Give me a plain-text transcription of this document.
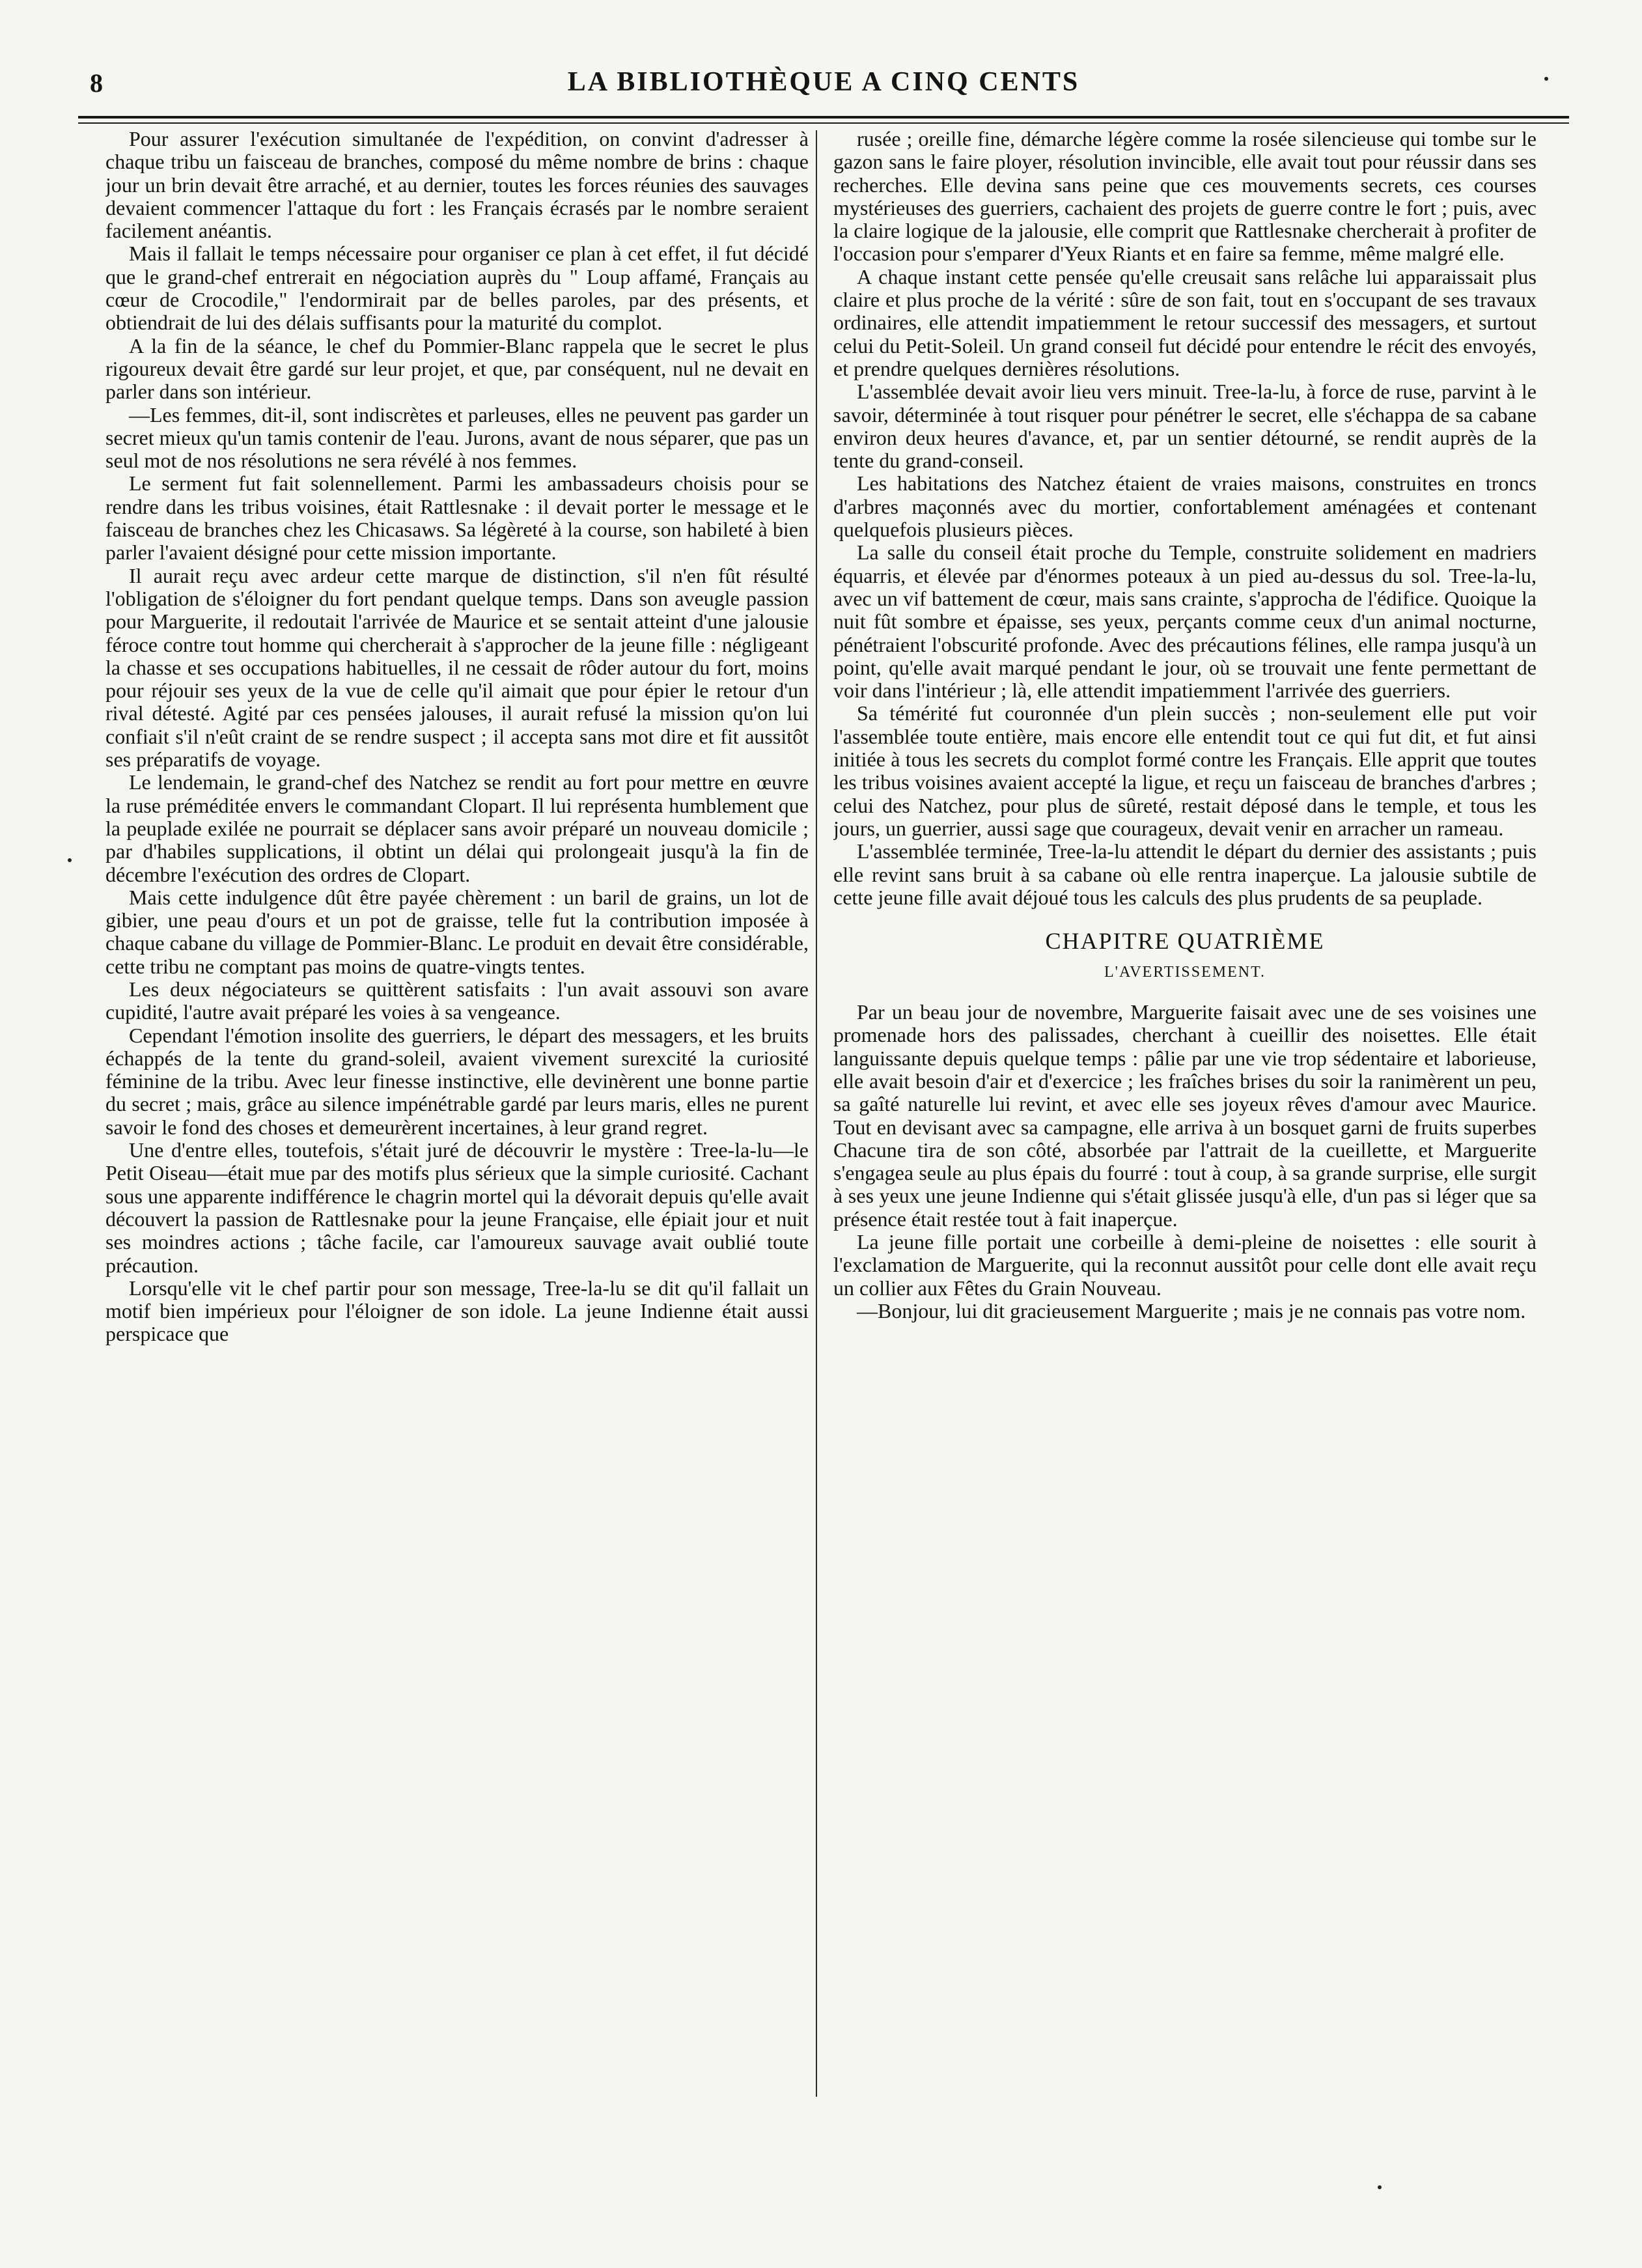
8	LA BIBLIOTHÈQUE A CINQ CENTS

Pour assurer l'exécution simultanée de l'expédition, on convint d'adresser à chaque tribu un faisceau de branches, composé du même nombre de brins : chaque jour un brin devait être arraché, et au dernier, toutes les forces réunies des sauvages devaient commencer l'attaque du fort : les Français écrasés par le nombre seraient facilement anéantis.

Mais il fallait le temps nécessaire pour organiser ce plan à cet effet, il fut décidé que le grand-chef entrerait en négociation auprès du " Loup affamé, Français au cœur de Crocodile," l'endormirait par de belles paroles, par des présents, et obtiendrait de lui des délais suffisants pour la maturité du complot.

A la fin de la séance, le chef du Pommier-Blanc rappela que le secret le plus rigoureux devait être gardé sur leur projet, et que, par conséquent, nul ne devait en parler dans son intérieur.

—Les femmes, dit-il, sont indiscrètes et parleuses, elles ne peuvent pas garder un secret mieux qu'un tamis contenir de l'eau. Jurons, avant de nous séparer, que pas un seul mot de nos résolutions ne sera révélé à nos femmes.

Le serment fut fait solennellement. Parmi les ambassadeurs choisis pour se rendre dans les tribus voisines, était Rattlesnake : il devait porter le message et le faisceau de branches chez les Chicasaws. Sa légèreté à la course, son habileté à bien parler l'avaient désigné pour cette mission importante.

Il aurait reçu avec ardeur cette marque de distinction, s'il n'en fût résulté l'obligation de s'éloigner du fort pendant quelque temps. Dans son aveugle passion pour Marguerite, il redoutait l'arrivée de Maurice et se sentait atteint d'une jalousie féroce contre tout homme qui chercherait à s'approcher de la jeune fille : négligeant la chasse et ses occupations habituelles, il ne cessait de rôder autour du fort, moins pour réjouir ses yeux de la vue de celle qu'il aimait que pour épier le retour d'un rival détesté. Agité par ces pensées jalouses, il aurait refusé la mission qu'on lui confiait s'il n'eût craint de se rendre suspect ; il accepta sans mot dire et fit aussitôt ses préparatifs de voyage.

Le lendemain, le grand-chef des Natchez se rendit au fort pour mettre en œuvre la ruse préméditée envers le commandant Clopart. Il lui représenta humblement que la peuplade exilée ne pourrait se déplacer sans avoir préparé un nouveau domicile ; par d'habiles supplications, il obtint un délai qui prolongeait jusqu'à la fin de décembre l'exécution des ordres de Clopart.

Mais cette indulgence dût être payée chèrement : un baril de grains, un lot de gibier, une peau d'ours et un pot de graisse, telle fut la contribution imposée à chaque cabane du village de Pommier-Blanc. Le produit en devait être considérable, cette tribu ne comptant pas moins de quatre-vingts tentes.

Les deux négociateurs se quittèrent satisfaits : l'un avait assouvi son avare cupidité, l'autre avait préparé les voies à sa vengeance.

Cependant l'émotion insolite des guerriers, le départ des messagers, et les bruits échappés de la tente du grand-soleil, avaient vivement surexcité la curiosité féminine de la tribu. Avec leur finesse instinctive, elle devinèrent une bonne partie du secret ; mais, grâce au silence impénétrable gardé par leurs maris, elles ne purent savoir le fond des choses et demeurèrent incertaines, à leur grand regret.

Une d'entre elles, toutefois, s'était juré de découvrir le mystère : Tree-la-lu—le Petit Oiseau—était mue par des motifs plus sérieux que la simple curiosité. Cachant sous une apparente indifférence le chagrin mortel qui la dévorait depuis qu'elle avait découvert la passion de Rattlesnake pour la jeune Française, elle épiait jour et nuit ses moindres actions ; tâche facile, car l'amoureux sauvage avait oublié toute précaution.

Lorsqu'elle vit le chef partir pour son message, Tree-la-lu se dit qu'il fallait un motif bien impérieux pour l'éloigner de son idole. La jeune Indienne était aussi perspicace que

rusée ; oreille fine, démarche légère comme la rosée silencieuse qui tombe sur le gazon sans le faire ployer, résolution invincible, elle avait tout pour réussir dans ses recherches. Elle devina sans peine que ces mouvements secrets, ces courses mystérieuses des guerriers, cachaient des projets de guerre contre le fort ; puis, avec la claire logique de la jalousie, elle comprit que Rattlesnake chercherait à profiter de l'occasion pour s'emparer d'Yeux Riants et en faire sa femme, même malgré elle.

A chaque instant cette pensée qu'elle creusait sans relâche lui apparaissait plus claire et plus proche de la vérité : sûre de son fait, tout en s'occupant de ses travaux ordinaires, elle attendit impatiemment le retour successif des messagers, et surtout celui du Petit-Soleil. Un grand conseil fut décidé pour entendre le récit des envoyés, et prendre quelques dernières résolutions.

L'assemblée devait avoir lieu vers minuit. Tree-la-lu, à force de ruse, parvint à le savoir, déterminée à tout risquer pour pénétrer le secret, elle s'échappa de sa cabane environ deux heures d'avance, et, par un sentier détourné, se rendit auprès de la tente du grand-conseil.

Les habitations des Natchez étaient de vraies maisons, construites en troncs d'arbres maçonnés avec du mortier, confortablement aménagées et contenant quelquefois plusieurs pièces.

La salle du conseil était proche du Temple, construite solidement en madriers équarris, et élevée par d'énormes poteaux à un pied au-dessus du sol. Tree-la-lu, avec un vif battement de cœur, mais sans crainte, s'approcha de l'édifice. Quoique la nuit fût sombre et épaisse, ses yeux, perçants comme ceux d'un animal nocturne, pénétraient l'obscurité profonde. Avec des précautions félines, elle rampa jusqu'à un point, qu'elle avait marqué pendant le jour, où se trouvait une fente permettant de voir dans l'intérieur ; là, elle attendit impatiemment l'arrivée des guerriers.

Sa témérité fut couronnée d'un plein succès ; non-seulement elle put voir l'assemblée toute entière, mais encore elle entendit tout ce qui fut dit, et fut ainsi initiée à tous les secrets du complot formé contre les Français. Elle apprit que toutes les tribus voisines avaient accepté la ligue, et reçu un faisceau de branches d'arbres ; celui des Natchez, pour plus de sûreté, restait déposé dans le temple, et tous les jours, un guerrier, aussi sage que courageux, devait venir en arracher un rameau.

L'assemblée terminée, Tree-la-lu attendit le départ du dernier des assistants ; puis elle revint sans bruit à sa cabane où elle rentra inaperçue. La jalousie subtile de cette jeune fille avait déjoué tous les calculs des plus prudents de sa peuplade.

CHAPITRE QUATRIÈME
L'AVERTISSEMENT.

Par un beau jour de novembre, Marguerite faisait avec une de ses voisines une promenade hors des palissades, cherchant à cueillir des noisettes. Elle était languissante depuis quelque temps : pâlie par une vie trop sédentaire et laborieuse, elle avait besoin d'air et d'exercice ; les fraîches brises du soir la ranimèrent un peu, sa gaîté naturelle lui revint, et avec elle ses joyeux rêves d'amour avec Maurice. Tout en devisant avec sa campagne, elle arriva à un bosquet garni de fruits superbes Chacune tira de son côté, absorbée par l'attrait de la cueillette, et Marguerite s'engagea seule au plus épais du fourré : tout à coup, à sa grande surprise, elle surgit à ses yeux une jeune Indienne qui s'était glissée jusqu'à elle, d'un pas si léger que sa présence était restée tout à fait inaperçue.

La jeune fille portait une corbeille à demi-pleine de noisettes : elle sourit à l'exclamation de Marguerite, qui la reconnut aussitôt pour celle dont elle avait reçu un collier aux Fêtes du Grain Nouveau.

—Bonjour, lui dit gracieusement Marguerite ; mais je ne connais pas votre nom.
